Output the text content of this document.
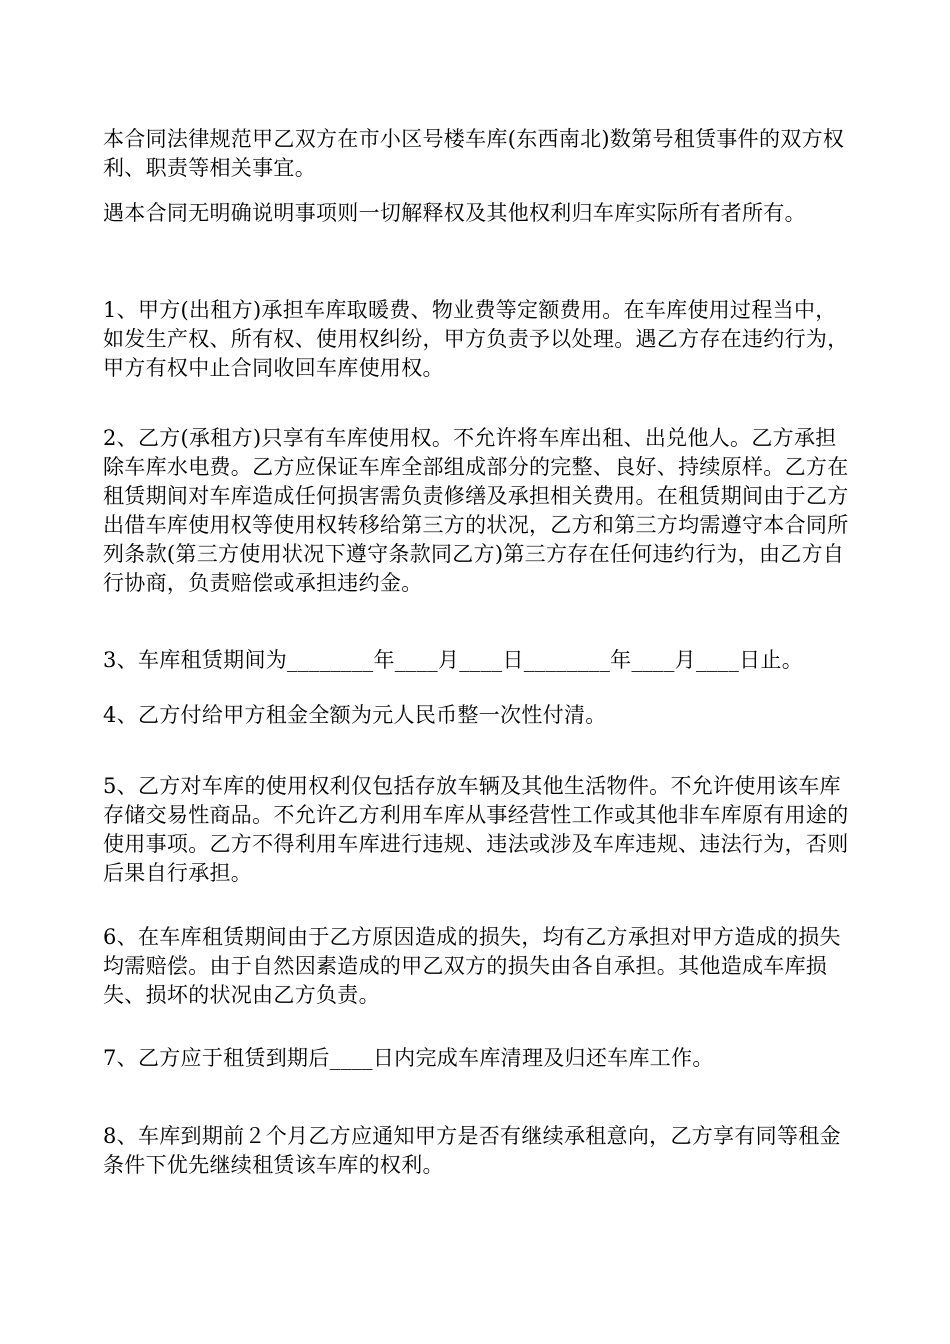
本合同法律规范甲乙双方在市小区号楼车库(东西南北)数第号租赁事件的双方权利、职责等相关事宜。

遇本合同无明确说明事项则一切解释权及其他权利归车库实际所有者所有。

1、甲方(出租方)承担车库取暖费、物业费等定额费用。在车库使用过程当中，如发生产权、所有权、使用权纠纷，甲方负责予以处理。遇乙方存在违约行为，甲方有权中止合同收回车库使用权。

2、乙方(承租方)只享有车库使用权。不允许将车库出租、出兑他人。乙方承担除车库水电费。乙方应保证车库全部组成部分的完整、良好、持续原样。乙方在租赁期间对车库造成任何损害需负责修缮及承担相关费用。在租赁期间由于乙方出借车库使用权等使用权转移给第三方的状况，乙方和第三方均需遵守本合同所列条款(第三方使用状况下遵守条款同乙方)第三方存在任何违约行为，由乙方自行协商，负责赔偿或承担违约金。

3、车库租赁期间为________年____月____日________年____月____日止。

4、乙方付给甲方租金全额为元人民币整一次性付清。

5、乙方对车库的使用权利仅包括存放车辆及其他生活物件。不允许使用该车库存储交易性商品。不允许乙方利用车库从事经营性工作或其他非车库原有用途的使用事项。乙方不得利用车库进行违规、违法或涉及车库违规、违法行为，否则后果自行承担。

6、在车库租赁期间由于乙方原因造成的损失，均有乙方承担对甲方造成的损失均需赔偿。由于自然因素造成的甲乙双方的损失由各自承担。其他造成车库损失、损坏的状况由乙方负责。

7、乙方应于租赁到期后____日内完成车库清理及归还车库工作。

8、车库到期前２个月乙方应通知甲方是否有继续承租意向，乙方享有同等租金条件下优先继续租赁该车库的权利。
